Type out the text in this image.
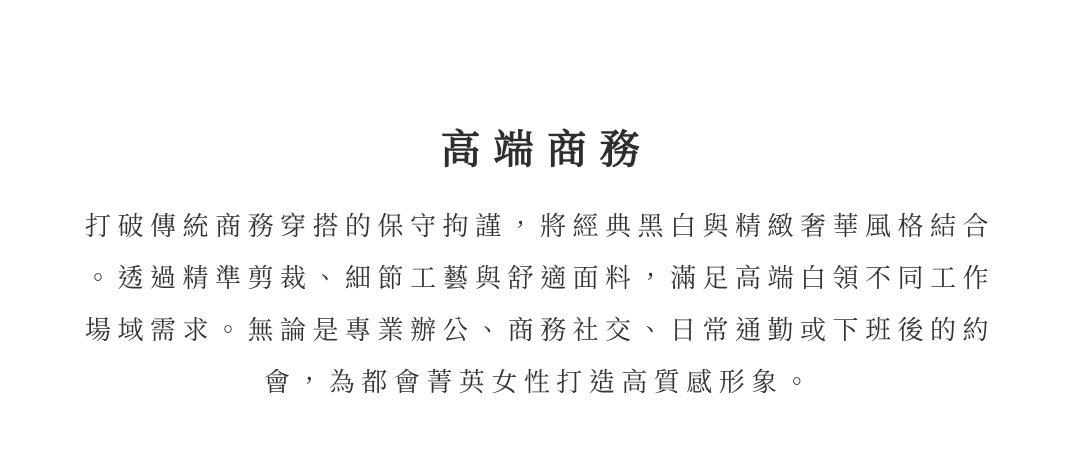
高端商務

打破傳統商務穿搭的保守拘謹，將經典黑白與精緻奢華風格結合
。透過精準剪裁、細節工藝與舒適面料，滿足高端白領不同工作
場域需求。無論是專業辦公、商務社交、日常通勤或下班後的約
會，為都會菁英女性打造高質感形象。
